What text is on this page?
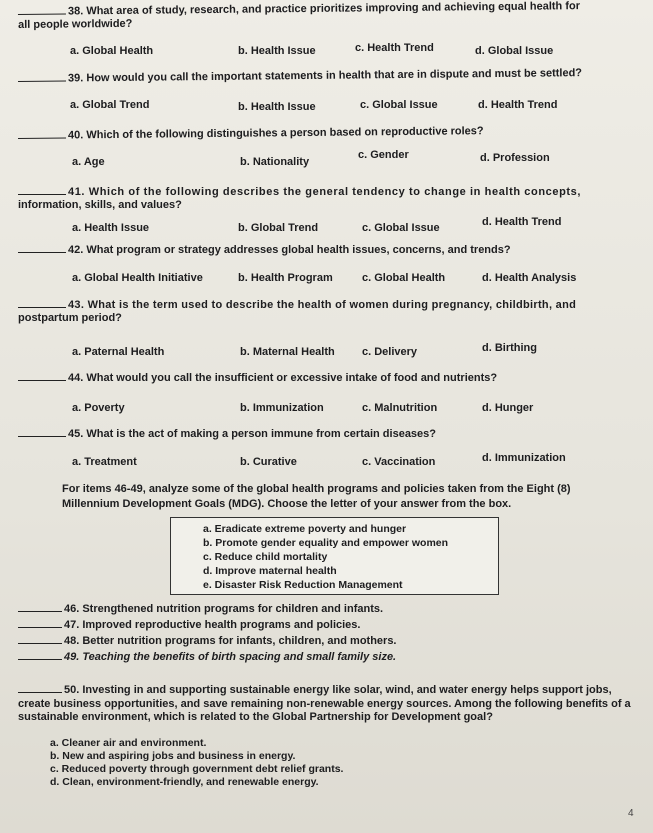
38. What area of study, research, and practice prioritizes improving and achieving equal health for
all people worldwide?
a. Global Health	b. Health Issue	c. Health Trend	d. Global Issue
39. How would you call the important statements in health that are in dispute and must be settled?
a. Global Trend	b. Health Issue	c. Global Issue	d. Health Trend
40. Which of the following distinguishes a person based on reproductive roles?
a. Age	b. Nationality
c. Gender	d. Profession
41. Which of the following describes the general tendency to change in health concepts,
information, skills, and values?
a. Health Issue	b. Global Trend	c. Global Issue	d. Health Trend
42. What program or strategy addresses global health issues, concerns, and trends?
a. Global Health Initiative	b. Health Program	c. Global Health	d. Health Analysis
43. What is the term used to describe the health of women during pregnancy, childbirth, and
postpartum period?
a. Paternal Health	b. Maternal Health c. Delivery	d. Birthing
44. What would you call the insufficient or excessive intake of food and nutrients?
a. Poverty	b. Immunization	c. Malnutrition	d. Hunger
45. What is the act of making a person immune from certain diseases?
a. Treatment	b. Curative	c. Vaccination	d. Immunization
For items 46-49, analyze some of the global health programs and policies taken from the Eight (8) Millennium Development Goals (MDG). Choose the letter of your answer from the box.
a. Eradicate extreme poverty and hunger
b. Promote gender equality and empower women
c. Reduce child mortality
d. Improve maternal health
e. Disaster Risk Reduction Management
46. Strengthened nutrition programs for children and infants.
47. Improved reproductive health programs and policies.
48. Better nutrition programs for infants, children, and mothers.
49. Teaching the benefits of birth spacing and small family size.
50. Investing in and supporting sustainable energy like solar, wind, and water energy helps support jobs, create business opportunities, and save remaining non-renewable energy sources. Among the following benefits of a sustainable environment, which is related to the Global Partnership for Development goal?
a. Cleaner air and environment.
b. New and aspiring jobs and business in energy.
c. Reduced poverty through government debt relief grants.
d. Clean, environment-friendly, and renewable energy.
4
